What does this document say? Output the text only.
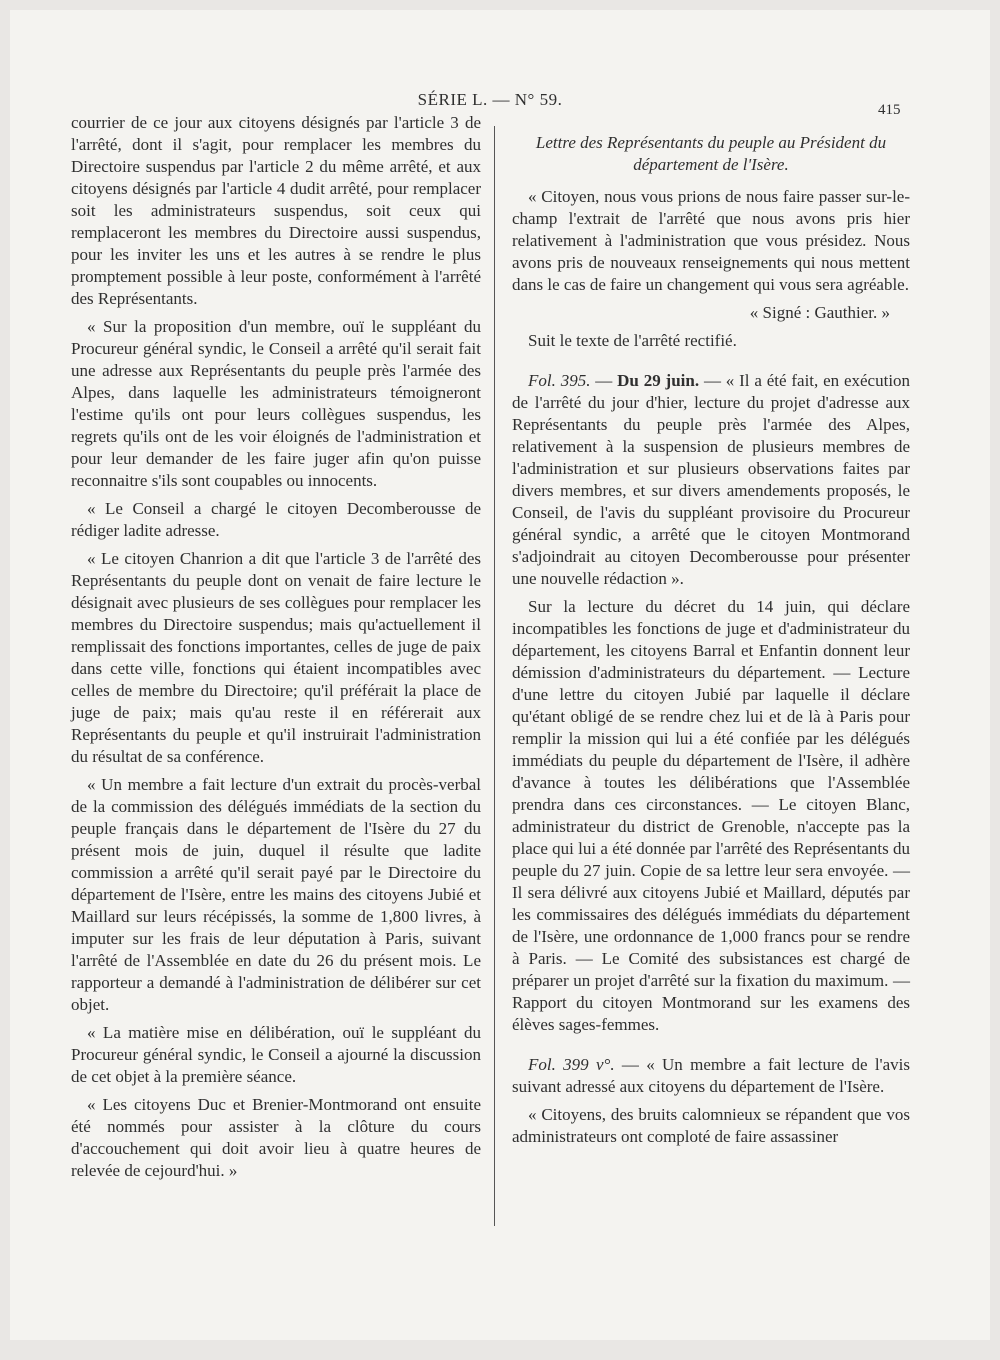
SÉRIE L. — N° 59.
415

courrier de ce jour aux citoyens désignés par l'article 3 de l'arrêté, dont il s'agit, pour remplacer les membres du Directoire suspendus par l'article 2 du même arrêté, et aux citoyens désignés par l'article 4 dudit arrêté, pour remplacer soit les administrateurs suspendus, soit ceux qui remplaceront les membres du Directoire aussi suspendus, pour les inviter les uns et les autres à se rendre le plus promptement possible à leur poste, conformément à l'arrêté des Représentants.

« Sur la proposition d'un membre, ouï le suppléant du Procureur général syndic, le Conseil a arrêté qu'il serait fait une adresse aux Représentants du peuple près l'armée des Alpes, dans laquelle les administrateurs témoigneront l'estime qu'ils ont pour leurs collègues suspendus, les regrets qu'ils ont de les voir éloignés de l'administration et pour leur demander de les faire juger afin qu'on puisse reconnaitre s'ils sont coupables ou innocents.

« Le Conseil a chargé le citoyen Decomberousse de rédiger ladite adresse.

« Le citoyen Chanrion a dit que l'article 3 de l'arrêté des Représentants du peuple dont on venait de faire lecture le désignait avec plusieurs de ses collègues pour remplacer les membres du Directoire suspendus; mais qu'actuellement il remplissait des fonctions importantes, celles de juge de paix dans cette ville, fonctions qui étaient incompatibles avec celles de membre du Directoire; qu'il préférait la place de juge de paix; mais qu'au reste il en référerait aux Représentants du peuple et qu'il instruirait l'administration du résultat de sa conférence.

« Un membre a fait lecture d'un extrait du procès-verbal de la commission des délégués immédiats de la section du peuple français dans le département de l'Isère du 27 du présent mois de juin, duquel il résulte que ladite commission a arrêté qu'il serait payé par le Directoire du département de l'Isère, entre les mains des citoyens Jubié et Maillard sur leurs récépissés, la somme de 1,800 livres, à imputer sur les frais de leur députation à Paris, suivant l'arrêté de l'Assemblée en date du 26 du présent mois. Le rapporteur a demandé à l'administration de délibérer sur cet objet.

« La matière mise en délibération, ouï le suppléant du Procureur général syndic, le Conseil a ajourné la discussion de cet objet à la première séance.

« Les citoyens Duc et Brenier-Montmorand ont ensuite été nommés pour assister à la clôture du cours d'accouchement qui doit avoir lieu à quatre heures de relevée de cejourd'hui. »

Lettre des Représentants du peuple au Président du département de l'Isère.

« Citoyen, nous vous prions de nous faire passer sur-le-champ l'extrait de l'arrêté que nous avons pris hier relativement à l'administration que vous présidez. Nous avons pris de nouveaux renseignements qui nous mettent dans le cas de faire un changement qui vous sera agréable.

« Signé : Gauthier. »

Suit le texte de l'arrêté rectifié.

Fol. 395. — Du 29 juin. — « Il a été fait, en exécution de l'arrêté du jour d'hier, lecture du projet d'adresse aux Représentants du peuple près l'armée des Alpes, relativement à la suspension de plusieurs membres de l'administration et sur plusieurs observations faites par divers membres, et sur divers amendements proposés, le Conseil, de l'avis du suppléant provisoire du Procureur général syndic, a arrêté que le citoyen Montmorand s'adjoindrait au citoyen Decomberousse pour présenter une nouvelle rédaction ».

Sur la lecture du décret du 14 juin, qui déclare incompatibles les fonctions de juge et d'administrateur du département, les citoyens Barral et Enfantin donnent leur démission d'administrateurs du département. — Lecture d'une lettre du citoyen Jubié par laquelle il déclare qu'étant obligé de se rendre chez lui et de là à Paris pour remplir la mission qui lui a été confiée par les délégués immédiats du peuple du département de l'Isère, il adhère d'avance à toutes les délibérations que l'Assemblée prendra dans ces circonstances. — Le citoyen Blanc, administrateur du district de Grenoble, n'accepte pas la place qui lui a été donnée par l'arrêté des Représentants du peuple du 27 juin. Copie de sa lettre leur sera envoyée. — Il sera délivré aux citoyens Jubié et Maillard, députés par les commissaires des délégués immédiats du département de l'Isère, une ordonnance de 1,000 francs pour se rendre à Paris. — Le Comité des subsistances est chargé de préparer un projet d'arrêté sur la fixation du maximum. — Rapport du citoyen Montmorand sur les examens des élèves sages-femmes.

Fol. 399 v°. — « Un membre a fait lecture de l'avis suivant adressé aux citoyens du département de l'Isère.

« Citoyens, des bruits calomnieux se répandent que vos administrateurs ont comploté de faire assassiner
